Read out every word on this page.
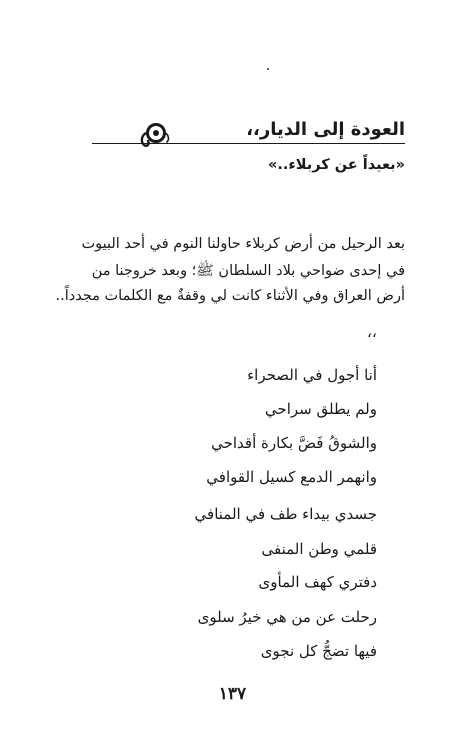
العودة إلى الديار،،
«بعيداً عن كربلاء..»
بعد الرحيل من أرض كربلاء حاولنا النوم في أحد البيوت
في إحدى ضواحي بلاد السلطان ﷺ؛ وبعد خروجنا من
أرض العراق وفي الأثناء كانت لي وقفةٌ مع الكلمات مجدداً..
‘‘
أنا أجول في الصحراء
ولم يطلق سراحي
والشوقُ فَضَّ بكارة أقداحي
وانهمر الدمع كسيل القوافي
جسدي بيداء طف في المنافي
قلمي وطن المنفى
دفتري كهف المأوى
رحلت عن من هي خيرُ سلوى
فيها تضجُّ كل نجوى
١٣٧
